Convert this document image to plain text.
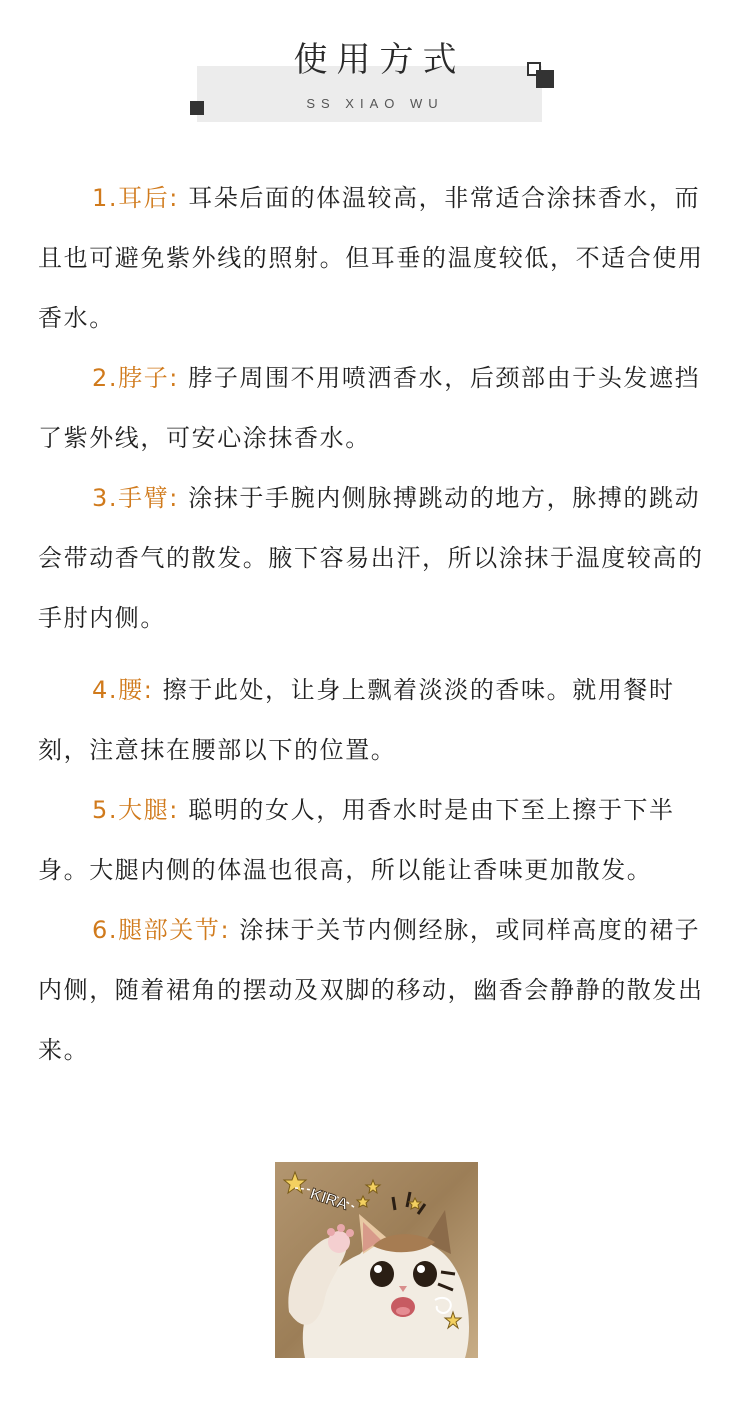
使用方式
SS XIAO WU

1.耳后: 耳朵后面的体温较高，非常适合涂抹香水，而且也可避免紫外线的照射。但耳垂的温度较低，不适合使用香水。

2.脖子: 脖子周围不用喷洒香水，后颈部由于头发遮挡了紫外线，可安心涂抹香水。

3.手臂: 涂抹于手腕内侧脉搏跳动的地方，脉搏的跳动会带动香气的散发。腋下容易出汗，所以涂抹于温度较高的手肘内侧。

4.腰: 擦于此处，让身上飘着淡淡的香味。就用餐时刻，注意抹在腰部以下的位置。

5.大腿: 聪明的女人，用香水时是由下至上擦于下半身。大腿内侧的体温也很高，所以能让香味更加散发。

6.腿部关节: 涂抹于关节内侧经脉，或同样高度的裙子内侧，随着裙角的摆动及双脚的移动，幽香会静静的散发出来。

KIRA
